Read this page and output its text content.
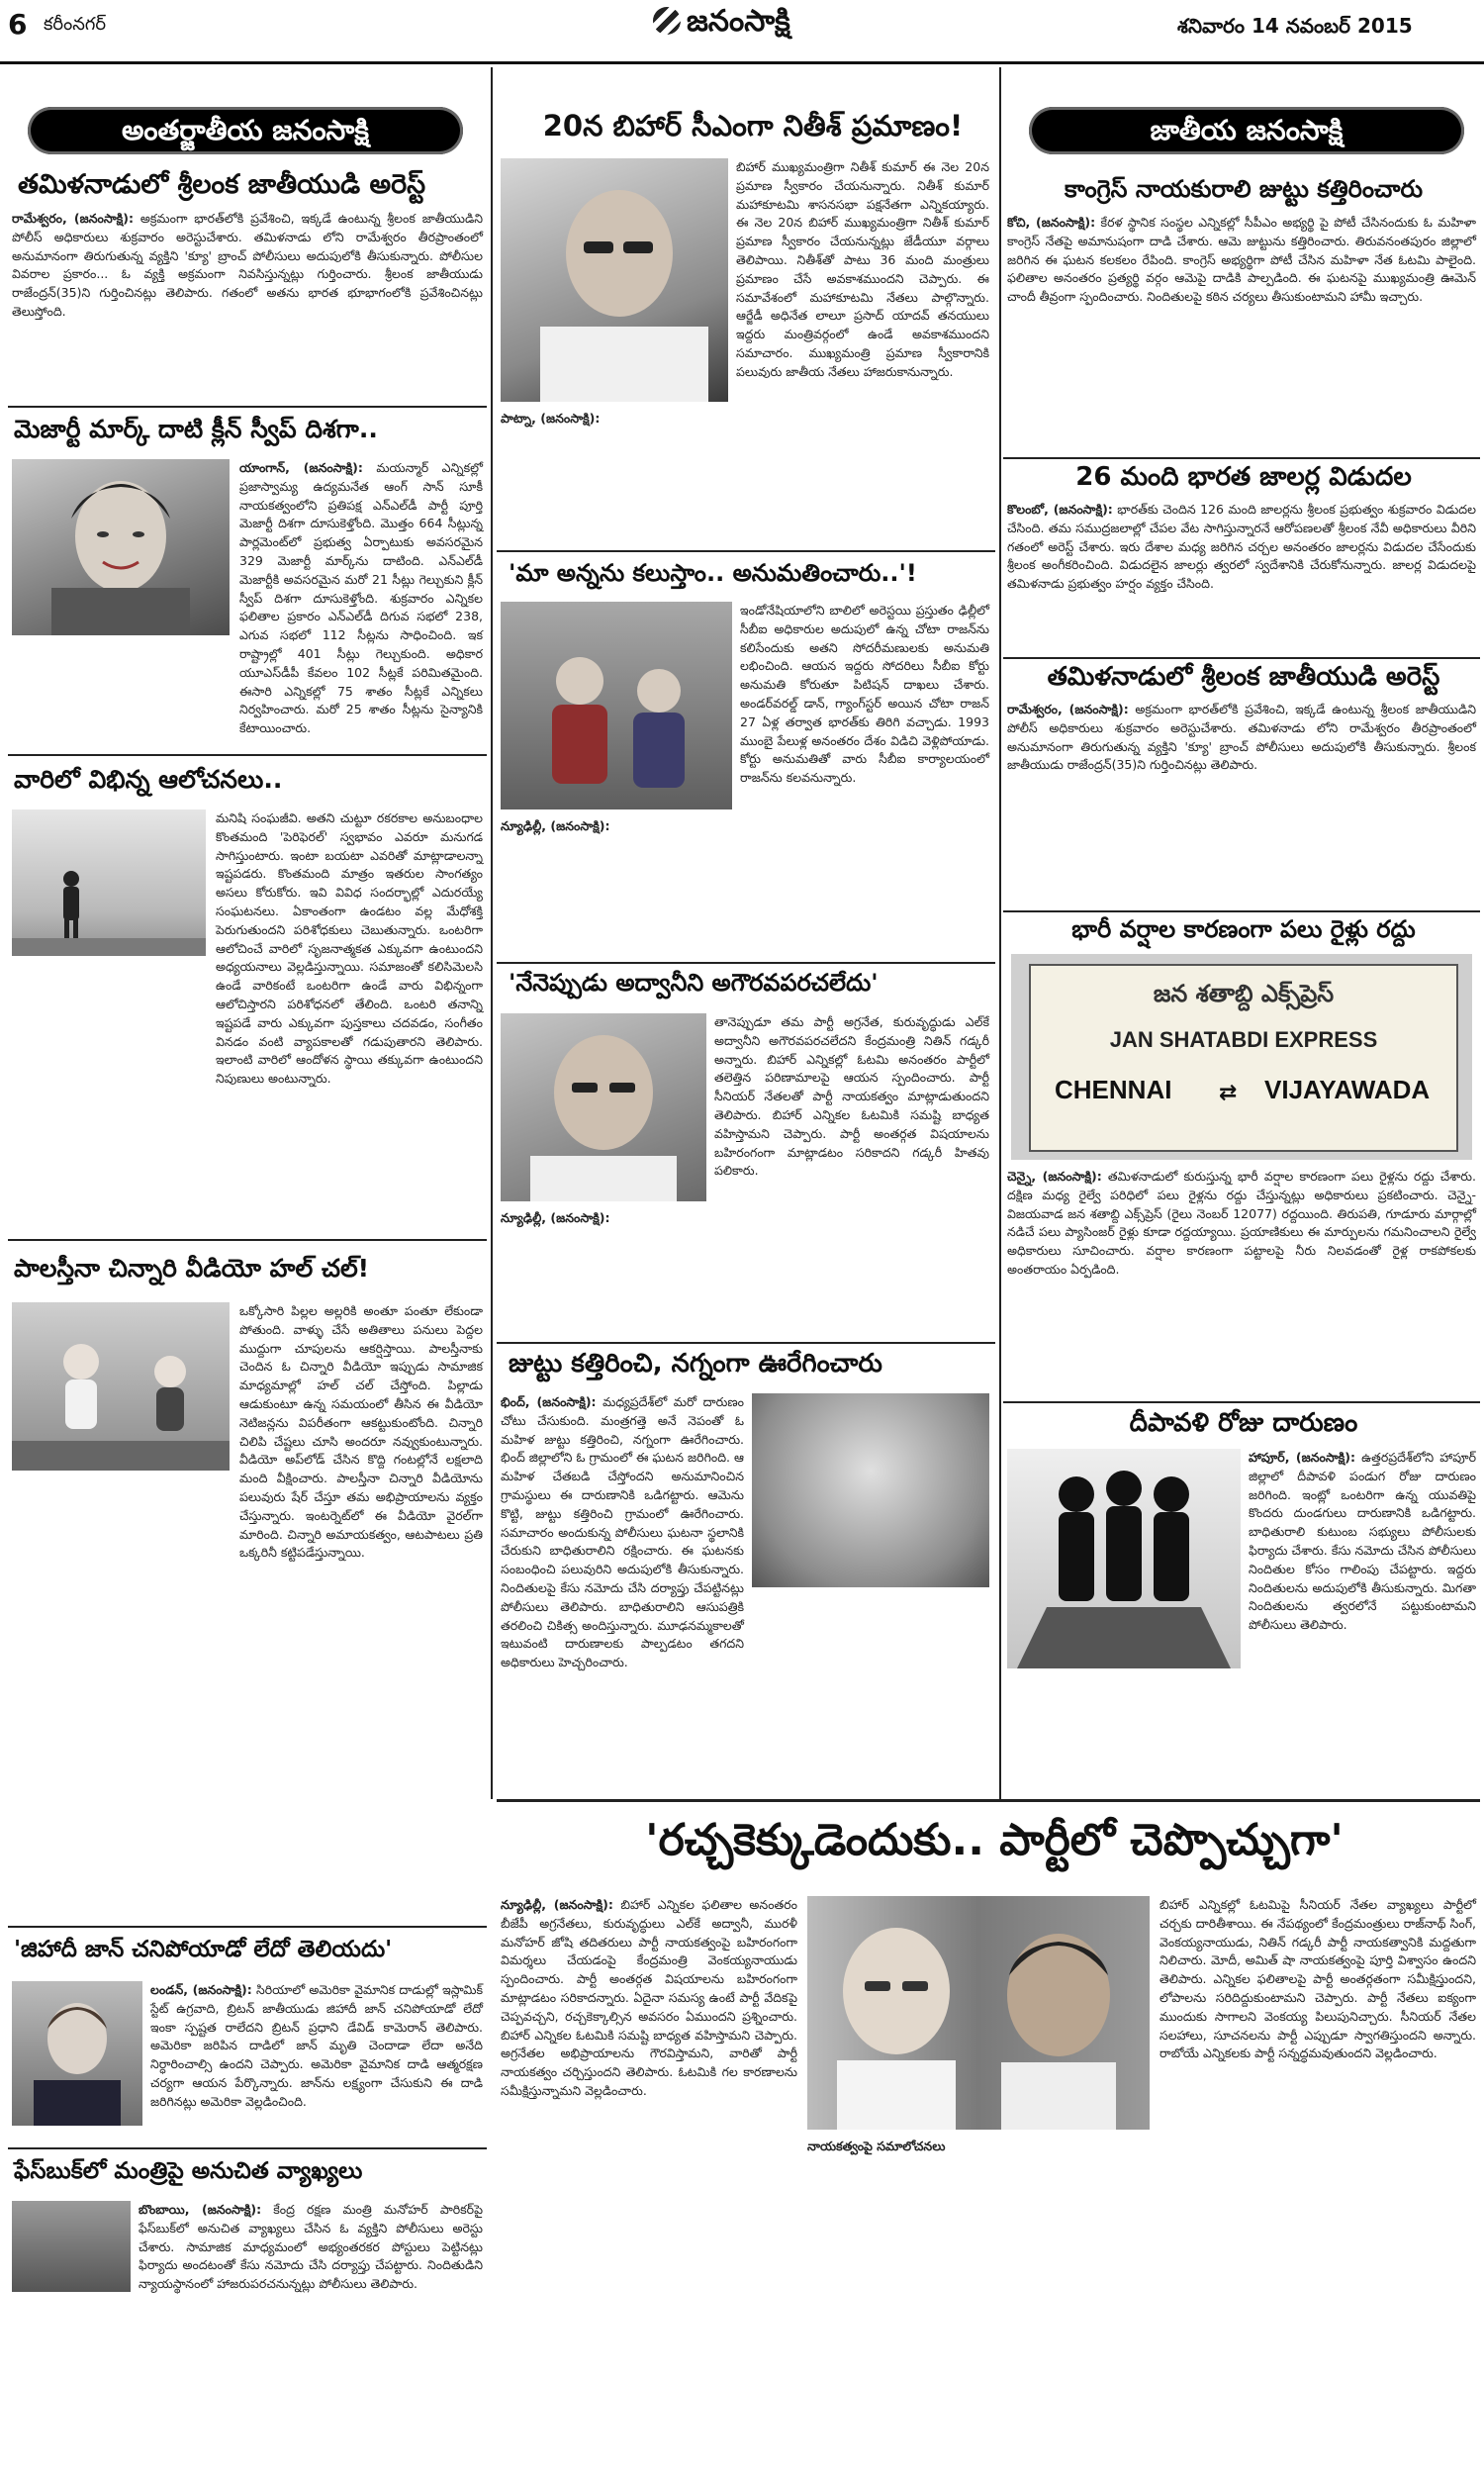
6 కరీంనగర్	జనంసాక్షి	శనివారం 14 నవంబర్ 2015
అంతర్జాతీయ జనంసాక్షి
తమిళనాడులో శ్రీలంక జాతీయుడి అరెస్ట్
రామేశ్వరం, (జనంసాక్షి): అక్రమంగా భారత్‌లోకి ప్రవేశించి, ఇక్కడే ఉంటున్న శ్రీలంక జాతీయుడిని పోలీస్ అధికారులు శుక్రవారం అరెస్టుచేశారు. తమిళనాడు లోని రామేశ్వరం తీరప్రాంతంలో అనుమానంగా తిరుగుతున్న వ్యక్తిని 'క్యూ' బ్రాంచ్ పోలీసులు అదుపులోకి తీసుకున్నారు. పోలీసుల వివరాల ప్రకారం... ఓ వ్యక్తి అక్రమంగా నివసిస్తున్నట్లు గుర్తించారు. శ్రీలంక జాతీయుడు రాజేంద్రన్(35)ని గుర్తించినట్లు తెలిపారు. గతంలో అతను భారత భూభాగంలోకి ప్రవేశించినట్లు తెలుస్తోంది.
మెజార్టీ మార్క్ దాటి క్లీన్ స్వీప్ దిశగా..
యాంగాన్, (జనంసాక్షి): మయన్మార్ ఎన్నికల్లో ప్రజాస్వామ్య ఉద్యమనేత ఆంగ్ సాన్ సూకీ నాయకత్వంలోని ప్రతిపక్ష ఎన్‌ఎల్‌డీ పార్టీ పూర్తి మెజార్టీ దిశగా దూసుకెళ్తోంది. మొత్తం 664 సీట్లున్న పార్లమెంట్‌లో ప్రభుత్వ ఏర్పాటుకు అవసరమైన 329 మెజార్టీ మార్క్‌ను దాటింది. ఎన్‌ఎల్‌డీ మెజార్టీకి అవసరమైన మరో 21 సీట్లు గెల్చుకుని క్లీన్ స్వీప్ దిశగా దూసుకెళ్తోంది. శుక్రవారం ఎన్నికల ఫలితాల ప్రకారం ఎన్‌ఎల్‌డీ దిగువ సభలో 238, ఎగువ సభలో 112 సీట్లను సాధించింది. ఇక రాష్ట్రాల్లో 401 సీట్లు గెల్చుకుంది. అధికార యూఎస్‌డీపీ కేవలం 102 సీట్లకే పరిమితమైంది. ఈసారి ఎన్నికల్లో 75 శాతం సీట్లకే ఎన్నికలు నిర్వహించారు. మరో 25 శాతం సీట్లను సైన్యానికి కేటాయించారు.
వారిలో విభిన్న ఆలోచనలు..
మనిషి సంఘజీవి. అతని చుట్టూ రకరకాల అనుబంధాల కొంతమంది 'పెరిఫెరల్' స్వభావం ఎవరూ మనుగడ సాగిస్తుంటారు. ఇంటా బయటా ఎవరితో మాట్లాడాలన్నా ఇష్టపడరు. కొంతమంది మాత్రం ఇతరుల సాంగత్యం అసలు కోరుకోరు. ఇవి వివిధ సందర్భాల్లో ఎదురయ్యే సంఘటనలు. ఏకాంతంగా ఉండటం వల్ల మేధోశక్తి పెరుగుతుందని పరిశోధకులు చెబుతున్నారు. ఒంటరిగా ఆలోచించే వారిలో సృజనాత్మకత ఎక్కువగా ఉంటుందని అధ్యయనాలు వెల్లడిస్తున్నాయి. సమాజంతో కలిసిమెలసి ఉండే వారికంటే ఒంటరిగా ఉండే వారు విభిన్నంగా ఆలోచిస్తారని పరిశోధనలో తేలింది. ఒంటరి తనాన్ని ఇష్టపడే వారు ఎక్కువగా పుస్తకాలు చదవడం, సంగీతం వినడం వంటి వ్యాపకాలతో గడుపుతారని తెలిపారు. ఇలాంటి వారిలో ఆందోళన స్థాయి తక్కువగా ఉంటుందని నిపుణులు అంటున్నారు.
పాలస్తీనా చిన్నారి వీడియో హల్ చల్!
ఒక్కోసారి పిల్లల అల్లరికి అంతూ పంతూ లేకుండా పోతుంది. వాళ్ళు చేసే అతితాలు పనులు పెద్దల ముద్దుగా చూపులను ఆకర్షిస్తాయి. పాలస్తీనాకు చెందిన ఓ చిన్నారి వీడియో ఇప్పుడు సామాజిక మాధ్యమాల్లో హల్ చల్ చేస్తోంది. పిల్లాడు ఆడుకుంటూ ఉన్న సమయంలో తీసిన ఈ వీడియో నెటిజన్లను విపరీతంగా ఆకట్టుకుంటోంది. చిన్నారి చిలిపి చేష్టలు చూసి అందరూ నవ్వుకుంటున్నారు. వీడియో అప్‌లోడ్ చేసిన కొద్ది గంటల్లోనే లక్షలాది మంది వీక్షించారు. పాలస్తీనా చిన్నారి వీడియోను పలువురు షేర్ చేస్తూ తమ అభిప్రాయాలను వ్యక్తం చేస్తున్నారు. ఇంటర్నెట్‌లో ఈ వీడియో వైరల్‌గా మారింది. చిన్నారి అమాయకత్వం, ఆటపాటలు ప్రతి ఒక్కరినీ కట్టిపడేస్తున్నాయి.
'జిహాదీ జాన్ చనిపోయాడో లేదో తెలియదు'
లండన్, (జనంసాక్షి): సిరియాలో అమెరికా వైమానిక దాడుల్లో ఇస్లామిక్ స్టేట్ ఉగ్రవాది, బ్రిటన్ జాతీయుడు జిహాదీ జాన్ చనిపోయాడో లేదో ఇంకా స్పష్టత రాలేదని బ్రిటన్ ప్రధాని డేవిడ్ కామెరాన్ తెలిపారు. అమెరికా జరిపిన దాడిలో జాన్ మృతి చెందాడా లేదా అనేది నిర్ధారించాల్సి ఉందని చెప్పారు. అమెరికా వైమానిక దాడి ఆత్మరక్షణ చర్యగా ఆయన పేర్కొన్నారు. జాన్‌ను లక్ష్యంగా చేసుకుని ఈ దాడి జరిగినట్లు అమెరికా వెల్లడించింది.
ఫేస్‌బుక్‌లో మంత్రిపై అనుచిత వ్యాఖ్యలు
బొంబాయి, (జనంసాక్షి): కేంద్ర రక్షణ మంత్రి మనోహర్ పారికర్‌పై ఫేస్‌బుక్‌లో అనుచిత వ్యాఖ్యలు చేసిన ఓ వ్యక్తిని పోలీసులు అరెస్టు చేశారు. సామాజిక మాధ్యమంలో అభ్యంతరకర పోస్టులు పెట్టినట్లు ఫిర్యాదు అందటంతో కేసు నమోదు చేసి దర్యాప్తు చేపట్టారు. నిందితుడిని న్యాయస్థానంలో హాజరుపరచనున్నట్లు పోలీసులు తెలిపారు.
20న బిహార్ సీఎంగా నితీశ్ ప్రమాణం!
బిహార్ ముఖ్యమంత్రిగా నితీశ్ కుమార్ ఈ నెల 20న ప్రమాణ స్వీకారం చేయనున్నారు. నితీశ్ కుమార్ మహాకూటమి శాసనసభా పక్షనేతగా ఎన్నికయ్యారు. ఈ నెల 20న బిహార్ ముఖ్యమంత్రిగా నితీశ్ కుమార్ ప్రమాణ స్వీకారం చేయనున్నట్లు జేడీయూ వర్గాలు తెలిపాయి. నితీశ్‌తో పాటు 36 మంది మంత్రులు ప్రమాణం చేసే అవకాశముందని చెప్పారు. ఈ సమావేశంలో మహాకూటమి నేతలు పాల్గొన్నారు. ఆర్జేడీ అధినేత లాలూ ప్రసాద్ యాదవ్ తనయులు ఇద్దరు మంత్రివర్గంలో ఉండే అవకాశముందని సమాచారం. ముఖ్యమంత్రి ప్రమాణ స్వీకారానికి పలువురు జాతీయ నేతలు హాజరుకానున్నారు.
పాట్నా, (జనంసాక్షి):
'మా అన్నను కలుస్తాం.. అనుమతించారు..'!
ఇండోనేషియాలోని బాలిలో అరెస్టయి ప్రస్తుతం ఢిల్లీలో సీబీఐ అధికారుల అదుపులో ఉన్న చోటా రాజన్‌ను కలిసేందుకు అతని సోదరీమణులకు అనుమతి లభించింది. ఆయన ఇద్దరు సోదరిలు సీబీఐ కోర్టు అనుమతి కోరుతూ పిటిషన్ దాఖలు చేశారు. అండర్‌వరల్డ్ డాన్, గ్యాంగ్‌స్టర్ అయిన చోటా రాజన్ 27 ఏళ్ల తర్వాత భారత్‌కు తిరిగి వచ్చాడు. 1993 ముంబై పేలుళ్ల అనంతరం దేశం విడిచి వెళ్లిపోయాడు. కోర్టు అనుమతితో వారు సీబీఐ కార్యాలయంలో రాజన్‌ను కలవనున్నారు.
న్యూఢిల్లీ, (జనంసాక్షి):
'నేనెప్పుడు అద్వానీని అగౌరవపరచలేదు'
తానెప్పుడూ తమ పార్టీ అగ్రనేత, కురువృద్ధుడు ఎల్‌కే అద్వానీని అగౌరవపరచలేదని కేంద్రమంత్రి నితిన్ గడ్కరీ అన్నారు. బిహార్ ఎన్నికల్లో ఓటమి అనంతరం పార్టీలో తలెత్తిన పరిణామాలపై ఆయన స్పందించారు. పార్టీ సీనియర్ నేతలతో పార్టీ నాయకత్వం మాట్లాడుతుందని తెలిపారు. బిహార్ ఎన్నికల ఓటమికి సమష్టి బాధ్యత వహిస్తామని చెప్పారు. పార్టీ అంతర్గత విషయాలను బహిరంగంగా మాట్లాడటం సరికాదని గడ్కరీ హితవు పలికారు.
న్యూఢిల్లీ, (జనంసాక్షి):
జుట్టు కత్తిరించి, నగ్నంగా ఊరేగించారు
భింద్, (జనంసాక్షి): మధ్యప్రదేశ్‌లో మరో దారుణం చోటు చేసుకుంది. మంత్రగత్తె అనే నెపంతో ఓ మహిళ జుట్టు కత్తిరించి, నగ్నంగా ఊరేగించారు. భింద్ జిల్లాలోని ఓ గ్రామంలో ఈ ఘటన జరిగింది. ఆ మహిళ చేతబడి చేస్తోందని అనుమానించిన గ్రామస్థులు ఈ దారుణానికి ఒడిగట్టారు. ఆమెను కొట్టి, జుట్టు కత్తిరించి గ్రామంలో ఊరేగించారు. సమాచారం అందుకున్న పోలీసులు ఘటనా స్థలానికి చేరుకుని బాధితురాలిని రక్షించారు. ఈ ఘటనకు సంబంధించి పలువురిని అదుపులోకి తీసుకున్నారు. నిందితులపై కేసు నమోదు చేసి దర్యాప్తు చేపట్టినట్లు పోలీసులు తెలిపారు. బాధితురాలిని ఆసుపత్రికి తరలించి చికిత్స అందిస్తున్నారు. మూఢనమ్మకాలతో ఇటువంటి దారుణాలకు పాల్పడటం తగదని అధికారులు హెచ్చరించారు.
జాతీయ జనంసాక్షి
కాంగ్రెస్ నాయకురాలి జుట్టు కత్తిరించారు
కోచి, (జనంసాక్షి): కేరళ స్థానిక సంస్థల ఎన్నికల్లో సీపీఎం అభ్యర్థి పై పోటీ చేసినందుకు ఓ మహిళా కాంగ్రెస్ నేతపై అమానుషంగా దాడి చేశారు. ఆమె జుట్టును కత్తిరించారు. తిరువనంతపురం జిల్లాలో జరిగిన ఈ ఘటన కలకలం రేపింది. కాంగ్రెస్ అభ్యర్థిగా పోటీ చేసిన మహిళా నేత ఓటమి పాలైంది. ఫలితాల అనంతరం ప్రత్యర్థి వర్గం ఆమెపై దాడికి పాల్పడింది. ఈ ఘటనపై ముఖ్యమంత్రి ఊమెన్ చాందీ తీవ్రంగా స్పందించారు. నిందితులపై కఠిన చర్యలు తీసుకుంటామని హామీ ఇచ్చారు.
26 మంది భారత జాలర్ల విడుదల
కొలంబో, (జనంసాక్షి): భారత్‌కు చెందిన 126 మంది జాలర్లను శ్రీలంక ప్రభుత్వం శుక్రవారం విడుదల చేసింది. తమ సముద్రజలాల్లో చేపల వేట సాగిస్తున్నారనే ఆరోపణలతో శ్రీలంక నేవీ అధికారులు వీరిని గతంలో అరెస్ట్ చేశారు. ఇరు దేశాల మధ్య జరిగిన చర్చల అనంతరం జాలర్లను విడుదల చేసేందుకు శ్రీలంక అంగీకరించింది. విడుదలైన జాలర్లు త్వరలో స్వదేశానికి చేరుకోనున్నారు. జాలర్ల విడుదలపై తమిళనాడు ప్రభుత్వం హర్షం వ్యక్తం చేసింది.
తమిళనాడులో శ్రీలంక జాతీయుడి అరెస్ట్
రామేశ్వరం, (జనంసాక్షి): అక్రమంగా భారత్‌లోకి ప్రవేశించి, ఇక్కడే ఉంటున్న శ్రీలంక జాతీయుడిని పోలీస్ అధికారులు శుక్రవారం అరెస్టుచేశారు. తమిళనాడు లోని రామేశ్వరం తీరప్రాంతంలో అనుమానంగా తిరుగుతున్న వ్యక్తిని 'క్యూ' బ్రాంచ్ పోలీసులు అదుపులోకి తీసుకున్నారు. శ్రీలంక జాతీయుడు రాజేంద్రన్(35)ని గుర్తించినట్లు తెలిపారు.
భారీ వర్షాల కారణంగా పలు రైళ్లు రద్దు
జన శతాబ్ది ఎక్స్‌ప్రెస్
JAN SHATABDI EXPRESS
CHENNAI ⇄ VIJAYAWADA
చెన్నై, (జనంసాక్షి): తమిళనాడులో కురుస్తున్న భారీ వర్షాల కారణంగా పలు రైళ్లను రద్దు చేశారు. దక్షిణ మధ్య రైల్వే పరిధిలో పలు రైళ్లను రద్దు చేస్తున్నట్లు అధికారులు ప్రకటించారు. చెన్నై-విజయవాడ జన శతాబ్ది ఎక్స్‌ప్రెస్ (రైలు నెంబర్ 12077) రద్దయింది. తిరుపతి, గూడూరు మార్గాల్లో నడిచే పలు ప్యాసింజర్ రైళ్లు కూడా రద్దయ్యాయి. ప్రయాణికులు ఈ మార్పులను గమనించాలని రైల్వే అధికారులు సూచించారు. వర్షాల కారణంగా పట్టాలపై నీరు నిలవడంతో రైళ్ల రాకపోకలకు అంతరాయం ఏర్పడింది.
దీపావళి రోజు దారుణం
హాపూర్, (జనంసాక్షి): ఉత్తరప్రదేశ్‌లోని హాపూర్ జిల్లాలో దీపావళి పండుగ రోజు దారుణం జరిగింది. ఇంట్లో ఒంటరిగా ఉన్న యువతిపై కొందరు దుండగులు దారుణానికి ఒడిగట్టారు. బాధితురాలి కుటుంబ సభ్యులు పోలీసులకు ఫిర్యాదు చేశారు. కేసు నమోదు చేసిన పోలీసులు నిందితుల కోసం గాలింపు చేపట్టారు. ఇద్దరు నిందితులను అదుపులోకి తీసుకున్నారు. మిగతా నిందితులను త్వరలోనే పట్టుకుంటామని పోలీసులు తెలిపారు.
'రచ్చకెక్కుడెందుకు.. పార్టీలో చెప్పొచ్చుగా'
న్యూఢిల్లీ, (జనంసాక్షి): బిహార్ ఎన్నికల ఫలితాల అనంతరం బీజేపీ అగ్రనేతలు, కురువృద్ధులు ఎల్‌కే అద్వానీ, మురళీ మనోహర్ జోషి తదితరులు పార్టీ నాయకత్వంపై బహిరంగంగా విమర్శలు చేయడంపై కేంద్రమంత్రి వెంకయ్యనాయుడు స్పందించారు. పార్టీ అంతర్గత విషయాలను బహిరంగంగా మాట్లాడటం సరికాదన్నారు. ఏదైనా సమస్య ఉంటే పార్టీ వేదికపై చెప్పవచ్చని, రచ్చకెక్కాల్సిన అవసరం ఏముందని ప్రశ్నించారు. బిహార్ ఎన్నికల ఓటమికి సమష్టి బాధ్యత వహిస్తామని చెప్పారు. అగ్రనేతల అభిప్రాయాలను గౌరవిస్తామని, వారితో పార్టీ నాయకత్వం చర్చిస్తుందని తెలిపారు. ఓటమికి గల కారణాలను సమీక్షిస్తున్నామని వెల్లడించారు.
నాయకత్వంపై సమాలోచనలు
బిహార్ ఎన్నికల్లో ఓటమిపై సీనియర్ నేతల వ్యాఖ్యలు పార్టీలో చర్చకు దారితీశాయి. ఈ నేపథ్యంలో కేంద్రమంత్రులు రాజ్‌నాథ్ సింగ్, వెంకయ్యనాయుడు, నితిన్ గడ్కరీ పార్టీ నాయకత్వానికి మద్దతుగా నిలిచారు. మోదీ, అమిత్ షా నాయకత్వంపై పూర్తి విశ్వాసం ఉందని తెలిపారు. ఎన్నికల ఫలితాలపై పార్టీ అంతర్గతంగా సమీక్షిస్తుందని, లోపాలను సరిదిద్దుకుంటామని చెప్పారు. పార్టీ నేతలు ఐక్యంగా ముందుకు సాగాలని వెంకయ్య పిలుపునిచ్చారు. సీనియర్ నేతల సలహాలు, సూచనలను పార్టీ ఎప్పుడూ స్వాగతిస్తుందని అన్నారు. రాబోయే ఎన్నికలకు పార్టీ సన్నద్ధమవుతుందని వెల్లడించారు.
